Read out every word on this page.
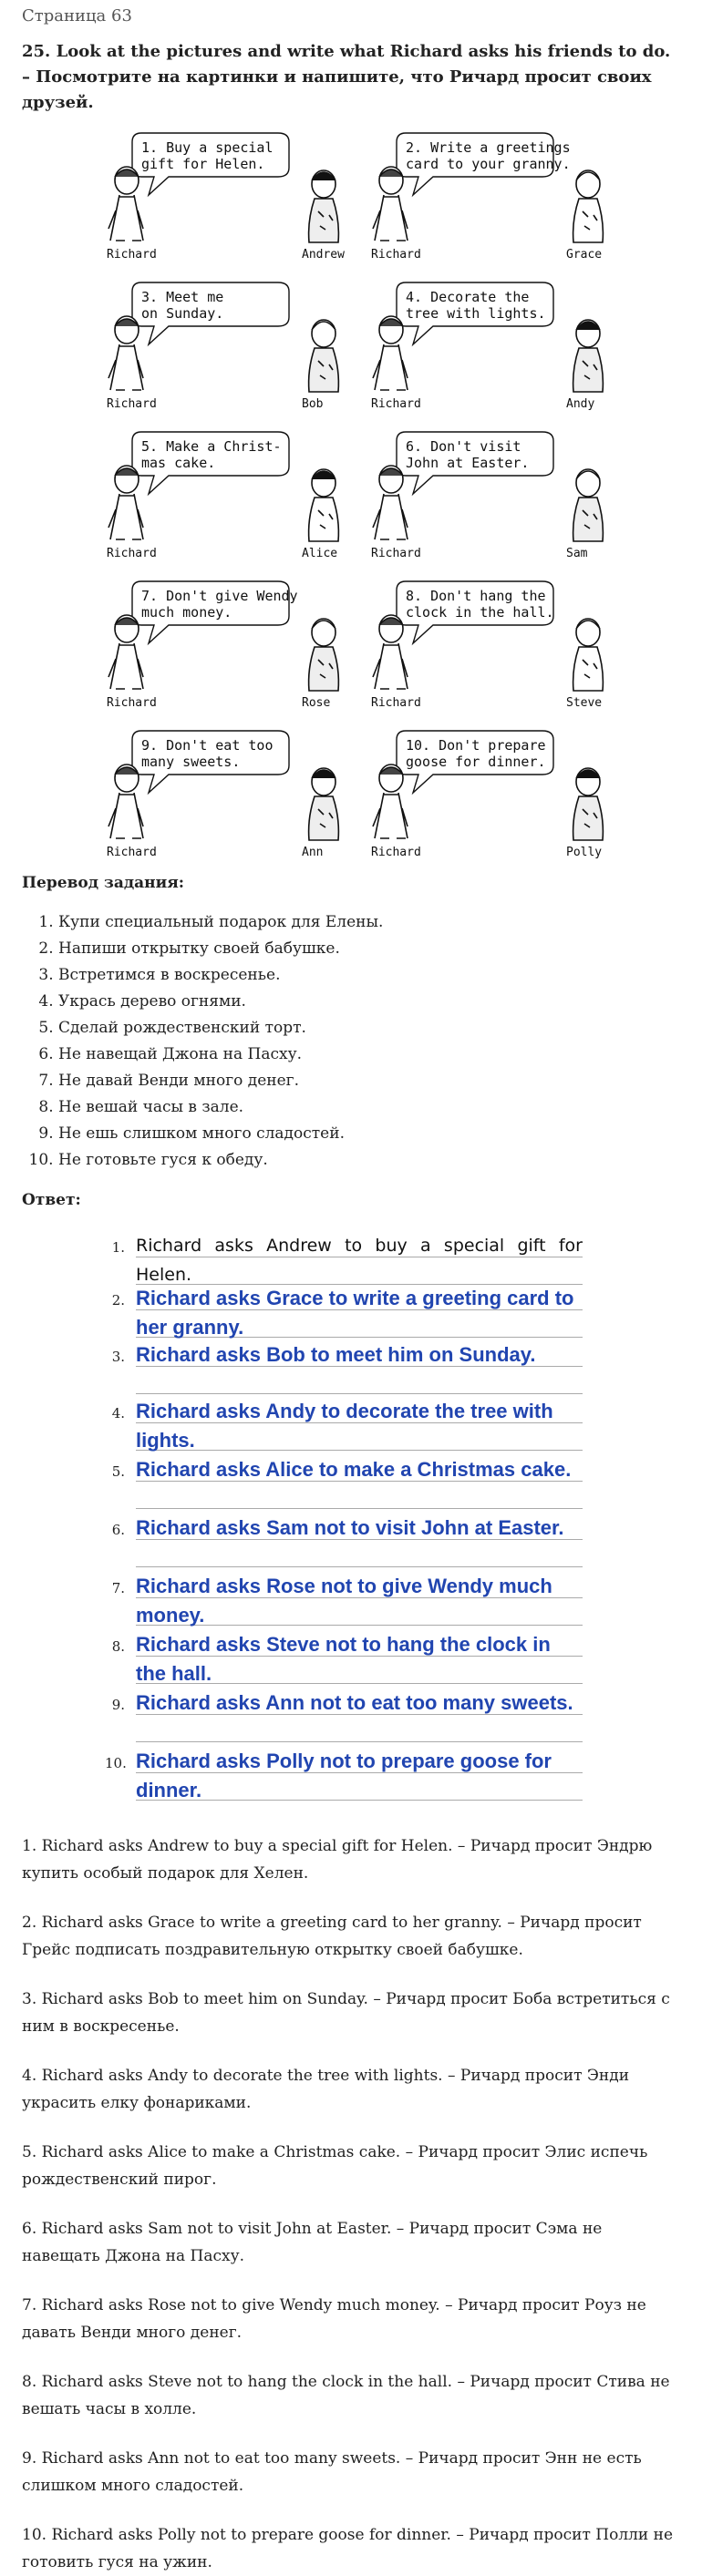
Страница 63
25. Look at the pictures and write what Richard asks his friends to do. – Посмотрите на картинки и напишите, что Ричард просит своих друзей.
1. Buy a special
gift for Helen.
Richard	Andrew
2. Write a greetings
card to your granny.
Richard	Grace
3. Meet me
on Sunday.
Richard	Bob
4. Decorate the
tree with lights.
Richard	Andy
5. Make a Christ-
mas cake.
Richard	Alice
6. Don't visit
John at Easter.
Richard	Sam
7. Don't give Wendy
much money.
Richard	Rose
8. Don't hang the
clock in the hall.
Richard	Steve
9. Don't eat too
many sweets.
Richard	Ann
10. Don't prepare
goose for dinner.
Richard	Polly
Перевод задания:
1. Купи специальный подарок для Елены.
2. Напиши открытку своей бабушке.
3. Встретимся в воскресенье.
4. Укрась дерево огнями.
5. Сделай рождественский торт.
6. Не навещай Джона на Пасху.
7. Не давай Венди много денег.
8. Не вешай часы в зале.
9. Не ешь слишком много сладостей.
10. Не готовьте гуся к обеду.
Ответ:
1. Richard asks Andrew to buy a special gift for Helen.
2. Richard asks Grace to write a greeting card to her granny.
3. Richard asks Bob to meet him on Sunday.
4. Richard asks Andy to decorate the tree with lights.
5. Richard asks Alice to make a Christmas cake.
6. Richard asks Sam not to visit John at Easter.
7. Richard asks Rose not to give Wendy much money.
8. Richard asks Steve not to hang the clock in the hall.
9. Richard asks Ann not to eat too many sweets.
10. Richard asks Polly not to prepare goose for dinner.

1. Richard asks Andrew to buy a special gift for Helen. – Ричард просит Эндрю купить особый подарок для Хелен.

2. Richard asks Grace to write a greeting card to her granny. – Ричард просит Грейс подписать поздравительную открытку своей бабушке.

3. Richard asks Bob to meet him on Sunday. – Ричард просит Боба встретиться с ним в воскресенье.

4. Richard asks Andy to decorate the tree with lights. – Ричард просит Энди украсить елку фонариками.

5. Richard asks Alice to make a Christmas cake. – Ричард просит Элис испечь рождественский пирог.

6. Richard asks Sam not to visit John at Easter. – Ричард просит Сэма не навещать Джона на Пасху.

7. Richard asks Rose not to give Wendy much money. – Ричард просит Роуз не давать Венди много денег.

8. Richard asks Steve not to hang the clock in the hall. – Ричард просит Стива не вешать часы в холле.

9. Richard asks Ann not to eat too many sweets. – Ричард просит Энн не есть слишком много сладостей.

10. Richard asks Polly not to prepare goose for dinner. – Ричард просит Полли не готовить гуся на ужин.
